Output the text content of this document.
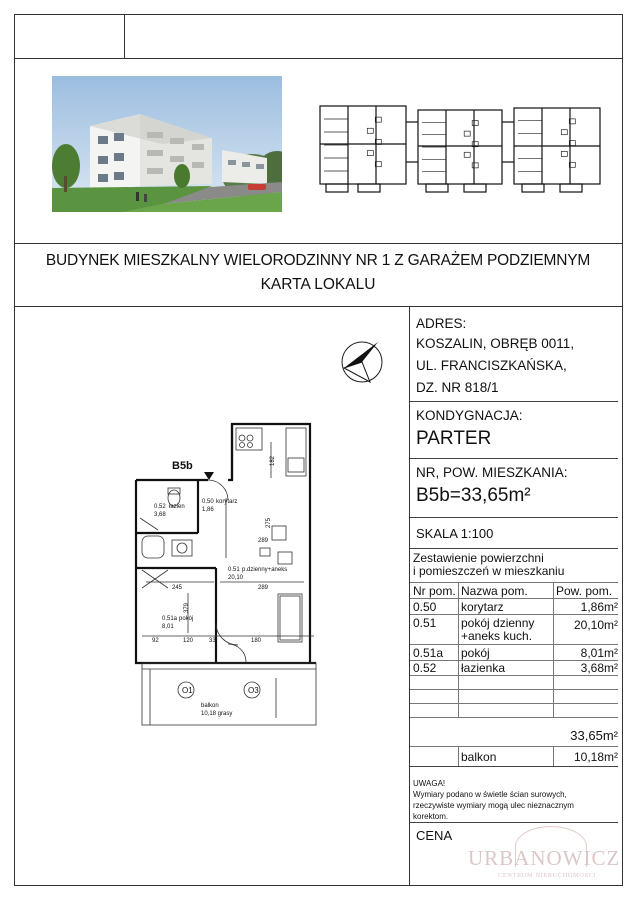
BUDYNEK MIESZKALNY WIELORODZINNY NR 1 Z GARAŻEM PODZIEMNYM
KARTA LOKALU
ADRES:
KOSZALIN, OBRĘB 0011,
UL. FRANCISZKAŃSKA,
DZ. NR 818/1
KONDYGNACJA:
PARTER
NR, POW. MIESZKANIA:
B5b=33,65m²
SKALA 1:100
Zestawienie powierzchni
i pomieszczeń w mieszkaniu
Nr pom. Nazwa pom. Pow. pom.
0.50 korytarz	1,86m²
0.51 pokój dzienny
+aneks kuch.
20,10m²
0.51a pokój	8,01m²
0.52 łazienka	3,68m²
33,65m²
balkon	10,18m²
UWAGA!
Wymiary podano w świetle ścian surowych,
rzeczywiste wymiary mogą ulec nieznacznym
korektom.
CENA
URBANOWICZ
CENTRUM NIERUCHOMOŚCI
B5b
0.50 korytarz
1,86
0.52 łazien
3,68
0.51 p.dzienny+aneks
20,10
0.51a pokój
8,01
balkon
10,18 grasy
245	289
92	120	33	180
289
379
275
182
O1	O3
